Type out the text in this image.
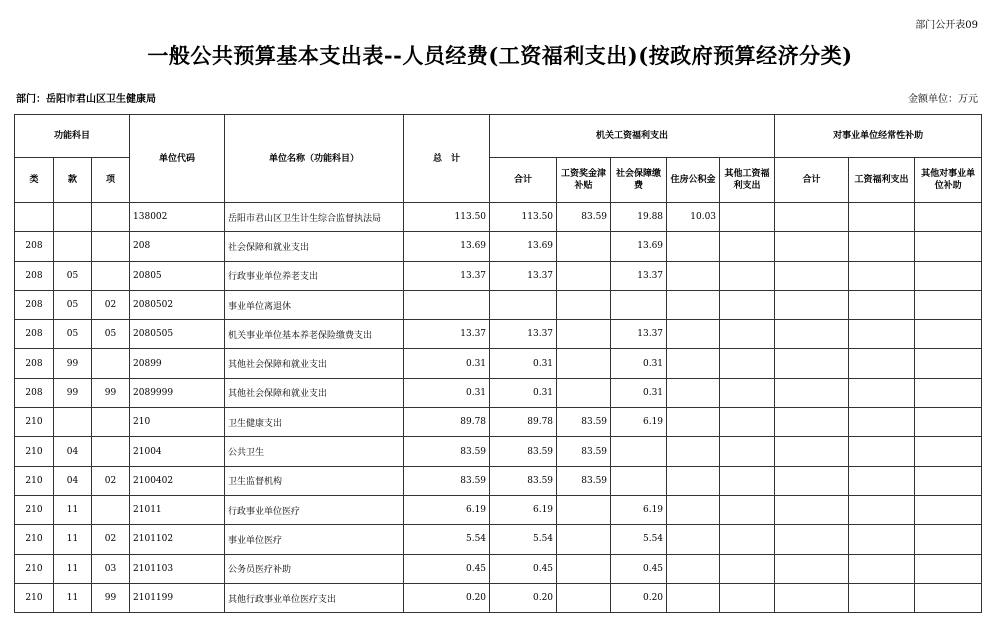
部门公开表09
一般公共预算基本支出表--人员经费(工资福利支出)(按政府预算经济分类)
部门：岳阳市君山区卫生健康局	金额单位：万元
功能科目			单位代码	单位名称（功能科目）	总　计	机关工资福利支出					对事业单位经常性补助		
类	款	项				合计	工资奖金津补贴	社会保障缴费	住房公积金	其他工资福利支出	合计	工资福利支出	其他对事业单位补助
			138002	岳阳市君山区卫生计生综合监督执法局	113.50	113.50	83.59	19.88	10.03				
208			208	社会保障和就业支出	13.69	13.69		13.69					
208	05		20805	行政事业单位养老支出	13.37	13.37		13.37					
208	05	02	2080502	事业单位离退休									
208	05	05	2080505	机关事业单位基本养老保险缴费支出	13.37	13.37		13.37					
208	99		20899	其他社会保障和就业支出	0.31	0.31		0.31					
208	99	99	2089999	其他社会保障和就业支出	0.31	0.31		0.31					
210			210	卫生健康支出	89.78	89.78	83.59	6.19					
210	04		21004	公共卫生	83.59	83.59	83.59						
210	04	02	2100402	卫生监督机构	83.59	83.59	83.59						
210	11		21011	行政事业单位医疗	6.19	6.19		6.19					
210	11	02	2101102	事业单位医疗	5.54	5.54		5.54					
210	11	03	2101103	公务员医疗补助	0.45	0.45		0.45					
210	11	99	2101199	其他行政事业单位医疗支出	0.20	0.20		0.20					
